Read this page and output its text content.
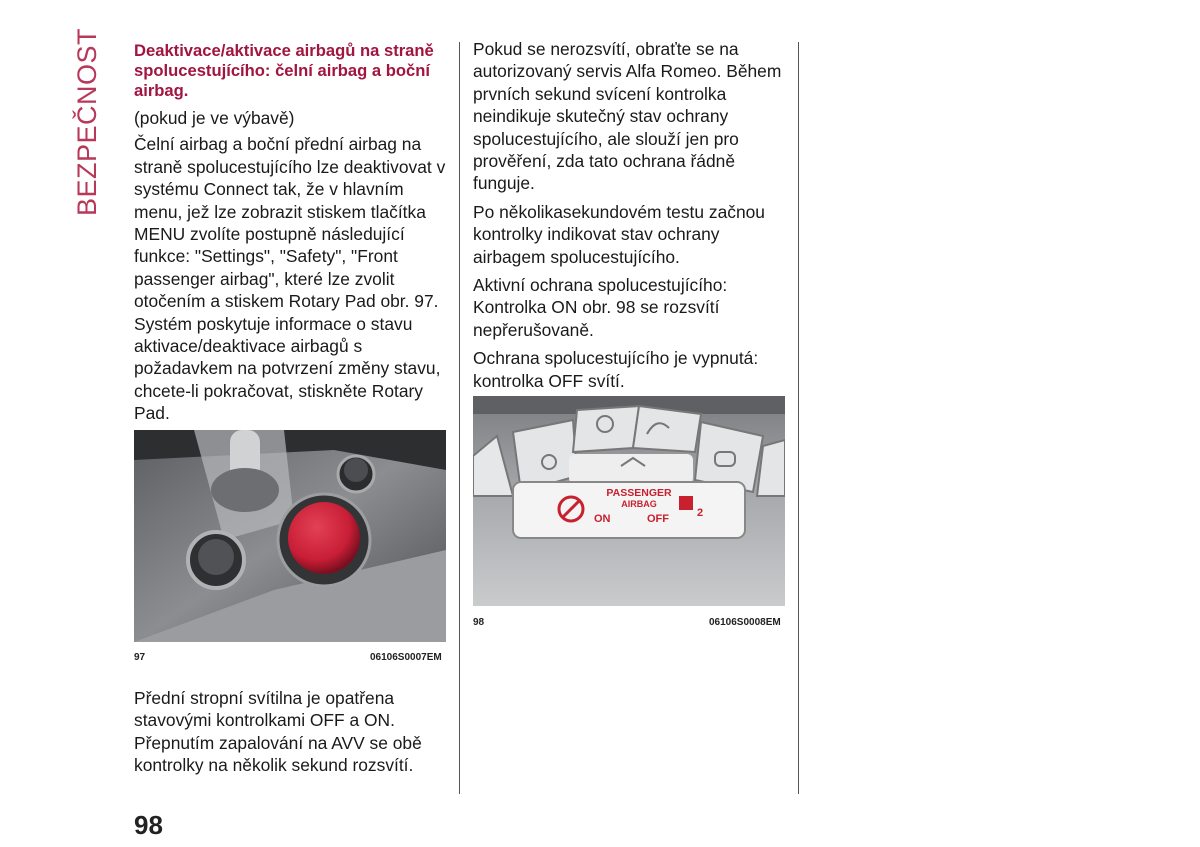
BEZPEČNOST Deaktivace/aktivace airbagů na straně spolucestujícího: čelní airbag a boční airbag.

(pokud je ve výbavě)

Čelní airbag a boční přední airbag na straně spolucestujícího lze deaktivovat v systému Connect tak, že v hlavním menu, jež lze zobrazit stiskem tlačítka MENU zvolíte postupně následující funkce: "Settings", "Safety", "Front passenger airbag", které lze zvolit otočením a stiskem Rotary Pad obr. 97. Systém poskytuje informace o stavu aktivace/deaktivace airbagů s požadavkem na potvrzení změny stavu, chcete-li pokračovat, stiskněte Rotary Pad.

97	06106S0007EM

Přední stropní svítilna je opatřena stavovými kontrolkami OFF a ON. Přepnutím zapalování na AVV se obě kontrolky na několik sekund rozsvítí.

Pokud se nerozsvítí, obraťte se na autorizovaný servis Alfa Romeo. Během prvních sekund svícení kontrolka neindikuje skutečný stav ochrany spolucestujícího, ale slouží jen pro prověření, zda tato ochrana řádně funguje.

Po několikasekundovém testu začnou kontrolky indikovat stav ochrany airbagem spolucestujícího.

Aktivní ochrana spolucestujícího: Kontrolka ON obr. 98 se rozsvítí nepřerušovaně.

Ochrana spolucestujícího je vypnutá: kontrolka OFF svítí.

PASSENGER
AIRBAG
ON	OFF	2
98	06106S0008EM
98
